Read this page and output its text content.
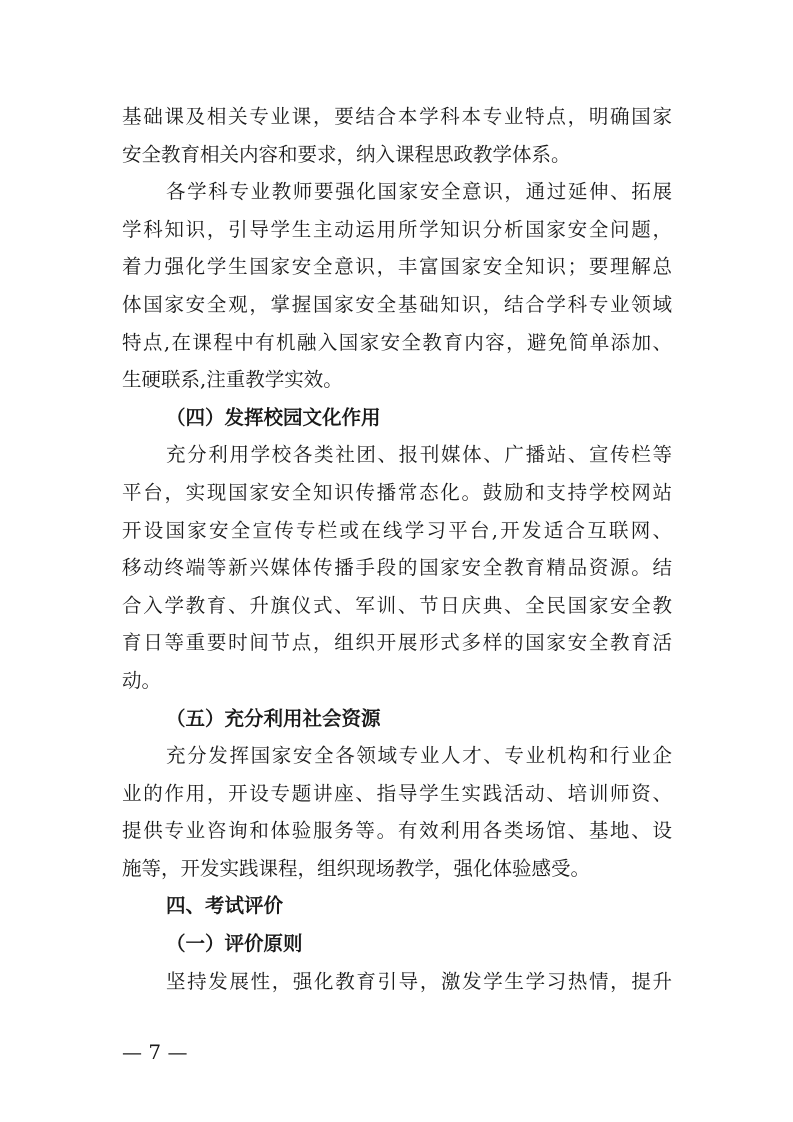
基础课及相关专业课，要结合本学科本专业特点，明确国家
安全教育相关内容和要求，纳入课程思政教学体系。
各学科专业教师要强化国家安全意识，通过延伸、拓展
学科知识，引导学生主动运用所学知识分析国家安全问题，
着力强化学生国家安全意识，丰富国家安全知识；要理解总
体国家安全观，掌握国家安全基础知识，结合学科专业领域
特点,在课程中有机融入国家安全教育内容，避免简单添加、
生硬联系,注重教学实效。
（四）发挥校园文化作用
充分利用学校各类社团、报刊媒体、广播站、宣传栏等
平台，实现国家安全知识传播常态化。鼓励和支持学校网站
开设国家安全宣传专栏或在线学习平台,开发适合互联网、
移动终端等新兴媒体传播手段的国家安全教育精品资源。结
合入学教育、升旗仪式、军训、节日庆典、全民国家安全教
育日等重要时间节点，组织开展形式多样的国家安全教育活
动。
（五）充分利用社会资源
充分发挥国家安全各领域专业人才、专业机构和行业企
业的作用，开设专题讲座、指导学生实践活动、培训师资、
提供专业咨询和体验服务等。有效利用各类场馆、基地、设
施等，开发实践课程，组织现场教学，强化体验感受。
四、考试评价
（一）评价原则
坚持发展性，强化教育引导，激发学生学习热情，提升
— 7 —
